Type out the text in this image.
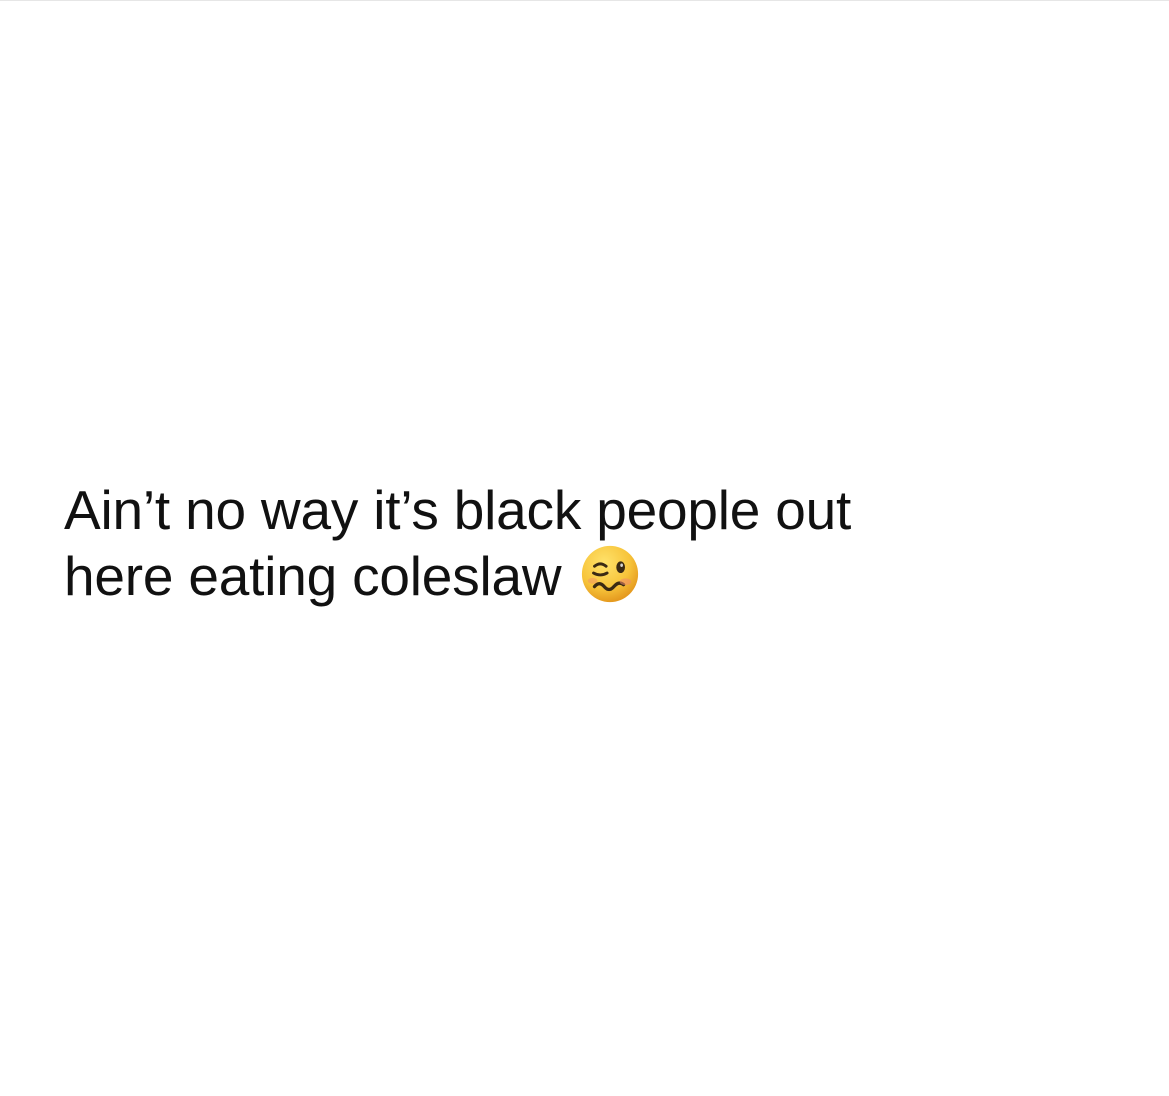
Ain’t no way it’s black people out
here eating coleslaw
